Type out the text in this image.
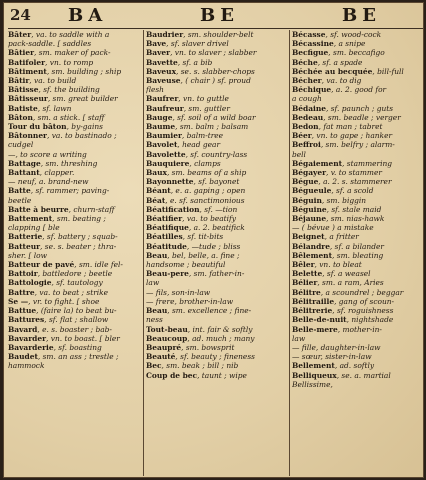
24 BA	BE	BE
Bâter, va. to saddle with a
pack-saddle. [ saddles
Bâtier, sm. maker of pack-
Batifoler, vn. to romp
Bâtiment, sm. building ; ship
Bâtir, va. to build
Bâtisse, sf. the building
Bâtisseur, sm. great builder
Batiste, sf. lawn
Bâton, sm. a stick. [ staff
Tour du bâton, by-gains
Bâtonner, va. to bastinado ;
cudgel
—, to score a writing
Battage, sm. threshing
Battant, clapper.
— neuf, a. brand-new
Batte, sf. rammer; paving-
beetle
Batte à beurre, churn-staff
Battement, sm. beating ;
clapping [ ble
Batterie, sf. battery ; squab-
Batteur, se. s. beater ; thra-
sher. [ low
Batteur de pavé, sm. idle fel-
Battoir, battledore ; beetle
Battologie, sf. tautology
Battre, va. to beat ; strike
Se —, vr. to fight. [ shoe
Battue, (faire la) to beat bu-
Battures, sf. flat ; shallow
Bavard, e. s. boaster ; bab-
Bavarder, vn. to boast. [ bler
Bavarderie, sf. boasting
Baudet, sm. an ass ; trestle ;
hammock
Baudrier, sm. shoulder-belt
Bave, sf. slaver drivel
Baver, vn. to slaver ; slabber
Bavette, sf. a bib
Baveux, se. s. slabber-chops
Baveuse, ( chair ) sf. proud
flesh
Baufrer, vn. to guttle
Baufreur, sm. guttler
Bauge, sf. soil of a wild boar
Baume, sm. balm ; balsam
Baumier, balm-tree
Bavolet, head gear
Bavolette, sf. country-lass
Bauquiere, clamps
Baux, sm. beams of a ship
Bayonnette, sf. bayonet
Béant, e. a. gaping ; open
Béat, e. sf. sanctimonious
Béatification, sf. —tion
Béatifier, va. to beatify
Béatifique, a. 2. beatifick
Béatilles, sf. tit-bits
Béatitude, —tude ; bliss
Beau, bel, belle, a. fine ;
handsome ; beautiful
Beau-pere, sm. father-in-
law
— fils, son-in-law
— frere, brother-in-law
Beau, sm. excellence ; fine-
ness
Tout-beau, int. fair & softly
Beaucoup, ad. much ; many
Beaupré, sm. bowsprit
Beauté, sf. beauty ; fineness
Bec, sm. beak ; bill ; nib
Coup de bec, taunt ; wipe
Bécasse, sf. wood-cock
Bécassine, a snipe
Becfigue, sm. beccafigo
Béche, sf. a spade
Béchée au becquée, bill-full
Bécher, va. to dig
Béchique, a. 2. good for
a cough
Bédaine, sf. paunch ; guts
Bedeau, sm. beadle ; verger
Bedon, fat man ; tabret
Béer, vn. to gape ; hanker
Beffroi, sm. belfry ; alarm-
bell
Bégaiement, stammering
Bégayer, v. to stammer
Bégue, a. 2. s. stammerer
Bégueule, sf. a scold
Béguin, sm. biggin
Béguine, sf. stale maid
Béjaune, sm. nias-hawk
— ( bévue ) a mistake
Beignet, a fritter
Bélandre, sf. a bilander
Bêlement, sm. bleating
Bêler, vn. to bleat
Belette, sf. a weasel
Bélier, sm. a ram, Aries
Bélitre, a scoundrel ; beggar
Bélitraille, gang of scoun-
Bélitrerie, sf. roguishness
Belle-de-nuit, nightshade
Belle-mere, mother-in-
law
— fille, daughter-in-law
— sœur, sister-in-law
Bellement, ad. softly
Belliqueux, se. a. martial
Bellissime,
